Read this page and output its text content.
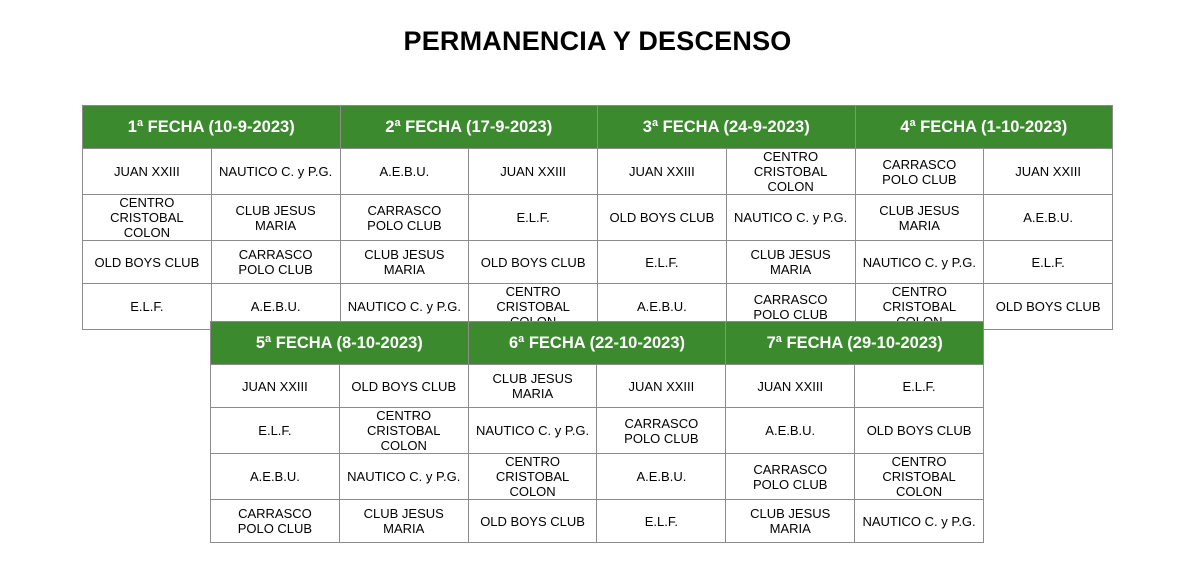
PERMANENCIA Y DESCENSO
1ª FECHA (10-9-2023)		2ª FECHA (17-9-2023)		3ª FECHA (24-9-2023)		4ª FECHA (1-10-2023)	
JUAN XXIII	NAUTICO C. y P.G.	A.E.B.U.	JUAN XXIII	JUAN XXIII	CENTRO CRISTOBAL COLON	CARRASCO POLO CLUB	JUAN XXIII
CENTRO CRISTOBAL COLON	CLUB JESUS MARIA	CARRASCO POLO CLUB	E.L.F.	OLD BOYS CLUB	NAUTICO C. y P.G.	CLUB JESUS MARIA	A.E.B.U.
OLD BOYS CLUB	CARRASCO POLO CLUB	CLUB JESUS MARIA	OLD BOYS CLUB	E.L.F.	CLUB JESUS MARIA	NAUTICO C. y P.G.	E.L.F.
E.L.F.	A.E.B.U.	NAUTICO C. y P.G.	CENTRO CRISTOBAL	A.E.B.U.	CARRASCO POLO CLUB	CENTRO CRISTOBAL	OLD BOYS CLUB
5ª FECHA (8-10-2023)		6ª FECHA (22-10-2023)		7ª FECHA (29-10-2023)	
JUAN XXIII	OLD BOYS CLUB	CLUB JESUS MARIA	JUAN XXIII	JUAN XXIII	E.L.F.
E.L.F.	CENTRO CRISTOBAL COLON	NAUTICO C. y P.G.	CARRASCO POLO CLUB	A.E.B.U.	OLD BOYS CLUB
A.E.B.U.	NAUTICO C. y P.G.	CENTRO CRISTOBAL COLON	A.E.B.U.	CARRASCO POLO CLUB	CENTRO CRISTOBAL COLON
CARRASCO POLO CLUB	CLUB JESUS MARIA	OLD BOYS CLUB	E.L.F.	CLUB JESUS MARIA	NAUTICO C. y P.G.
